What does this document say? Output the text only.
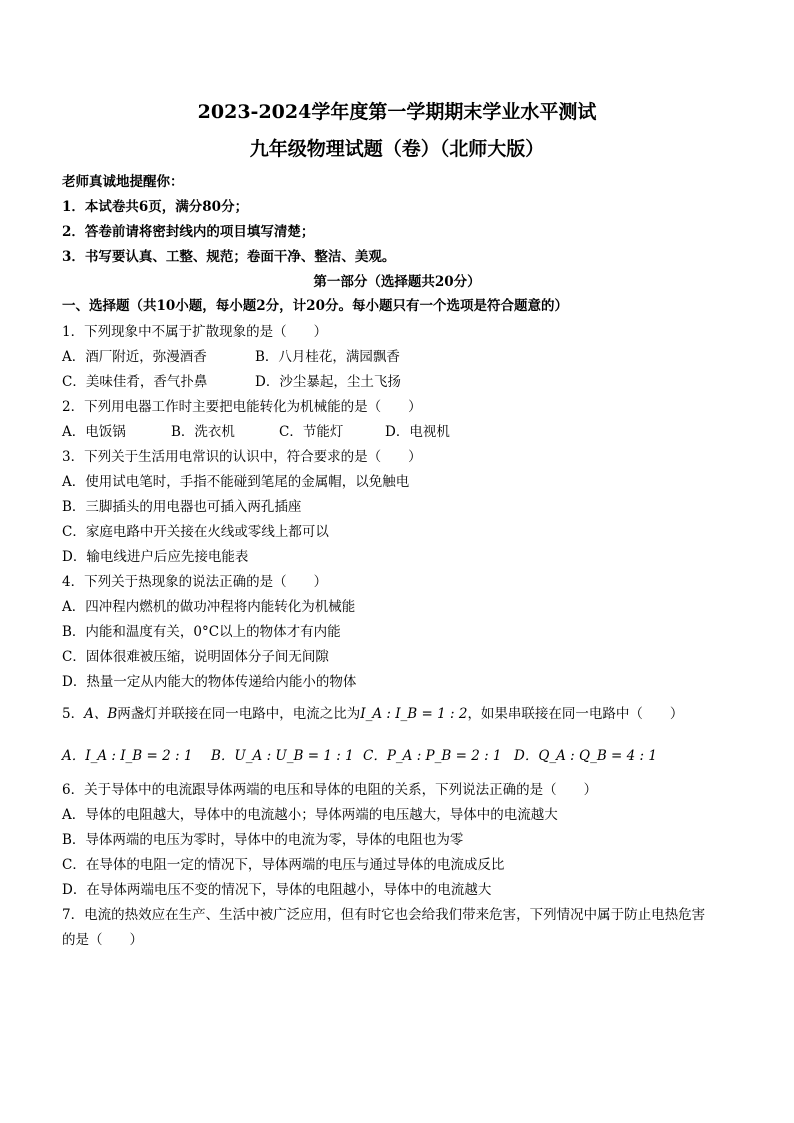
2023-2024学年度第一学期期末学业水平测试
九年级物理试题（卷）（北师大版）
老师真诚地提醒你：
1．本试卷共6页，满分80分；
2．答卷前请将密封线内的项目填写清楚；
3．书写要认真、工整、规范；卷面干净、整洁、美观。
第一部分（选择题共20分）
一、选择题（共10小题，每小题2分，计20分。每小题只有一个选项是符合题意的）
1．下列现象中不属于扩散现象的是（　　）
A．酒厂附近，弥漫酒香	B．八月桂花，满园飘香
C．美味佳肴，香气扑鼻	D．沙尘暴起，尘土飞扬
2．下列用电器工作时主要把电能转化为机械能的是（　　）
A．电饭锅	B．洗衣机	C．节能灯	D．电视机
3．下列关于生活用电常识的认识中，符合要求的是（　　）
A．使用试电笔时，手指不能碰到笔尾的金属帽，以免触电
B．三脚插头的用电器也可插入两孔插座
C．家庭电路中开关接在火线或零线上都可以
D．输电线进户后应先接电能表
4．下列关于热现象的说法正确的是（　　）
A．四冲程内燃机的做功冲程将内能转化为机械能
B．内能和温度有关，0°C以上的物体才有内能
C．固体很难被压缩，说明固体分子间无间隙
D．热量一定从内能大的物体传递给内能小的物体
5．A、B两盏灯并联接在同一电路中，电流之比为I_A : I_B = 1 : 2，如果串联接在同一电路中（　　）
A．I_A : I_B = 2 : 1 B．U_A : U_B = 1 : 1 C．P_A : P_B = 2 : 1 D．Q_A : Q_B = 4 : 1
6．关于导体中的电流跟导体两端的电压和导体的电阻的关系，下列说法正确的是（　　）
A．导体的电阻越大，导体中的电流越小；导体两端的电压越大，导体中的电流越大
B．导体两端的电压为零时，导体中的电流为零，导体的电阻也为零
C．在导体的电阻一定的情况下，导体两端的电压与通过导体的电流成反比
D．在导体两端电压不变的情况下，导体的电阻越小，导体中的电流越大
7．电流的热效应在生产、生活中被广泛应用，但有时它也会给我们带来危害，下列情况中属于防止电热危害
的是（　　）
